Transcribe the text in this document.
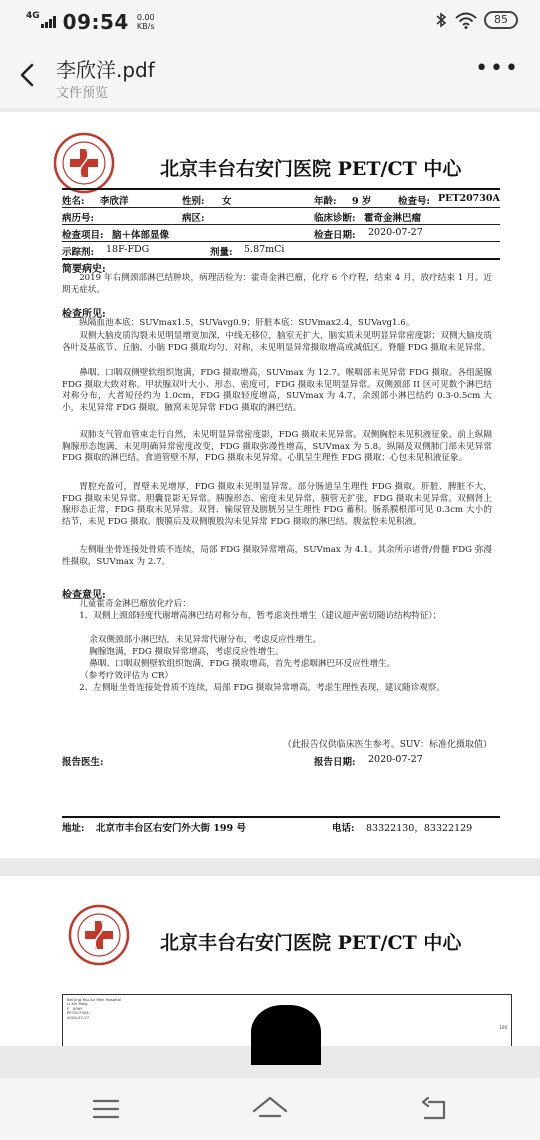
4G 09:54 0.00
KB/s
85
李欣洋.pdf
文件预览
•••
北京丰台右安门医院 PET/CT 中心
姓名: 李欣洋	性别: 女	年龄: 9 岁	检查号: PET20730A
病历号:	病区:	临床诊断: 霍奇金淋巴瘤
检查项目: 脑＋体部显像	检查日期: 2020-07-27
示踪剂: 18F-FDG	剂量: 5.87mCi
简要病史:
2019 年右侧颈部淋巴结肿块，病理活检为：霍奇金淋巴瘤，化疗 6 个疗程，结束 4 月，放疗结束 1 月。近期无症状。
检查所见:
纵隔血池本底：SUVmax1.5，SUVavg0.9；肝脏本底：SUVmax2.4，SUVavg1.6。
双侧大脑皮质沟裂未见明显增宽加深，中线无移位，脑室无扩大，脑实质未见明显异常密度影；双侧大脑皮质各叶及基底节、丘脑、小脑 FDG 摄取均匀、对称，未见明显异常摄取增高或减低区。脊髓 FDG 摄取未见异常。
鼻咽、口咽双侧壁软组织饱满，FDG 摄取增高，SUVmax 为 12.7。喉咽部未见异常 FDG 摄取。各组涎腺 FDG 摄取大致对称。甲状腺双叶大小、形态、密度可，FDG 摄取未见明显异常。双侧颈部 II 区可见数个淋巴结对称分布，大者短径约为 1.0cm，FDG 摄取轻度增高，SUVmax 为 4.7，余颈部小淋巴结约 0.3-0.5cm 大小，未见异常 FDG 摄取。腋窝未见异常 FDG 摄取的淋巴结。
双肺支气管血管束走行自然，未见明显异常密度影，FDG 摄取未见异常。双侧胸腔未见积液征象。前上纵隔胸腺形态饱满，未见明确异常密度改变，FDG 摄取弥漫性增高，SUVmax 为 5.8。纵隔及双侧肺门部未见异常 FDG 摄取的淋巴结。食道管壁不厚，FDG 摄取未见异常。心肌呈生理性 FDG 摄取；心包未见积液征象。
胃腔充盈可，胃壁未见增厚，FDG 摄取未见明显异常。部分肠道呈生理性 FDG 摄取。肝脏、脾脏不大，FDG 摄取未见异常。胆囊显影无异常。胰腺形态、密度未见异常，胰管无扩张，FDG 摄取未见异常。双侧肾上腺形态正常，FDG 摄取未见异常。双肾、输尿管及膀胱另呈生理性 FDG 蓄积。肠系膜根部可见 0.3cm 大小的结节，未见 FDG 摄取。腹膜后及双侧腹股沟未见异常 FDG 摄取的淋巴结。腹盆腔未见积液。
左侧耻坐骨连接处骨质不连续，局部 FDG 摄取异常增高，SUVmax 为 4.1。其余所示诸骨/骨髓 FDG 弥漫性摄取，SUVmax 为 2.7。
检查意见:
儿童霍奇金淋巴瘤放化疗后：
1、双侧上颈部轻度代谢增高淋巴结对称分布，暂考虑炎性增生（建议超声密切随访结构特征）；
余双侧颈部小淋巴结，未见异常代谢分布，考虑反应性增生。
胸腺饱满，FDG 摄取异常增高，考虑反应性增生。
鼻咽、口咽双侧壁软组织饱满，FDG 摄取增高，首先考虑咽淋巴环反应性增生。
（参考疗效评估为 CR）
2、左侧耻坐骨连接处骨质不连续，局部 FDG 摄取异常增高，考虑生理性表现，建议随诊观察。
（此报告仅供临床医生参考。SUV：标准化摄取值）
报告医生:	报告日期: 2020-07-27
地址: 北京市丰台区右安门外大街 199 号	电话: 83322130，83322129
北京丰台右安门医院 PET/CT 中心
Bei Jing You An Men Hospital
Li Xin Yang
F   009Y
PET20730A
2020-07-27
100
